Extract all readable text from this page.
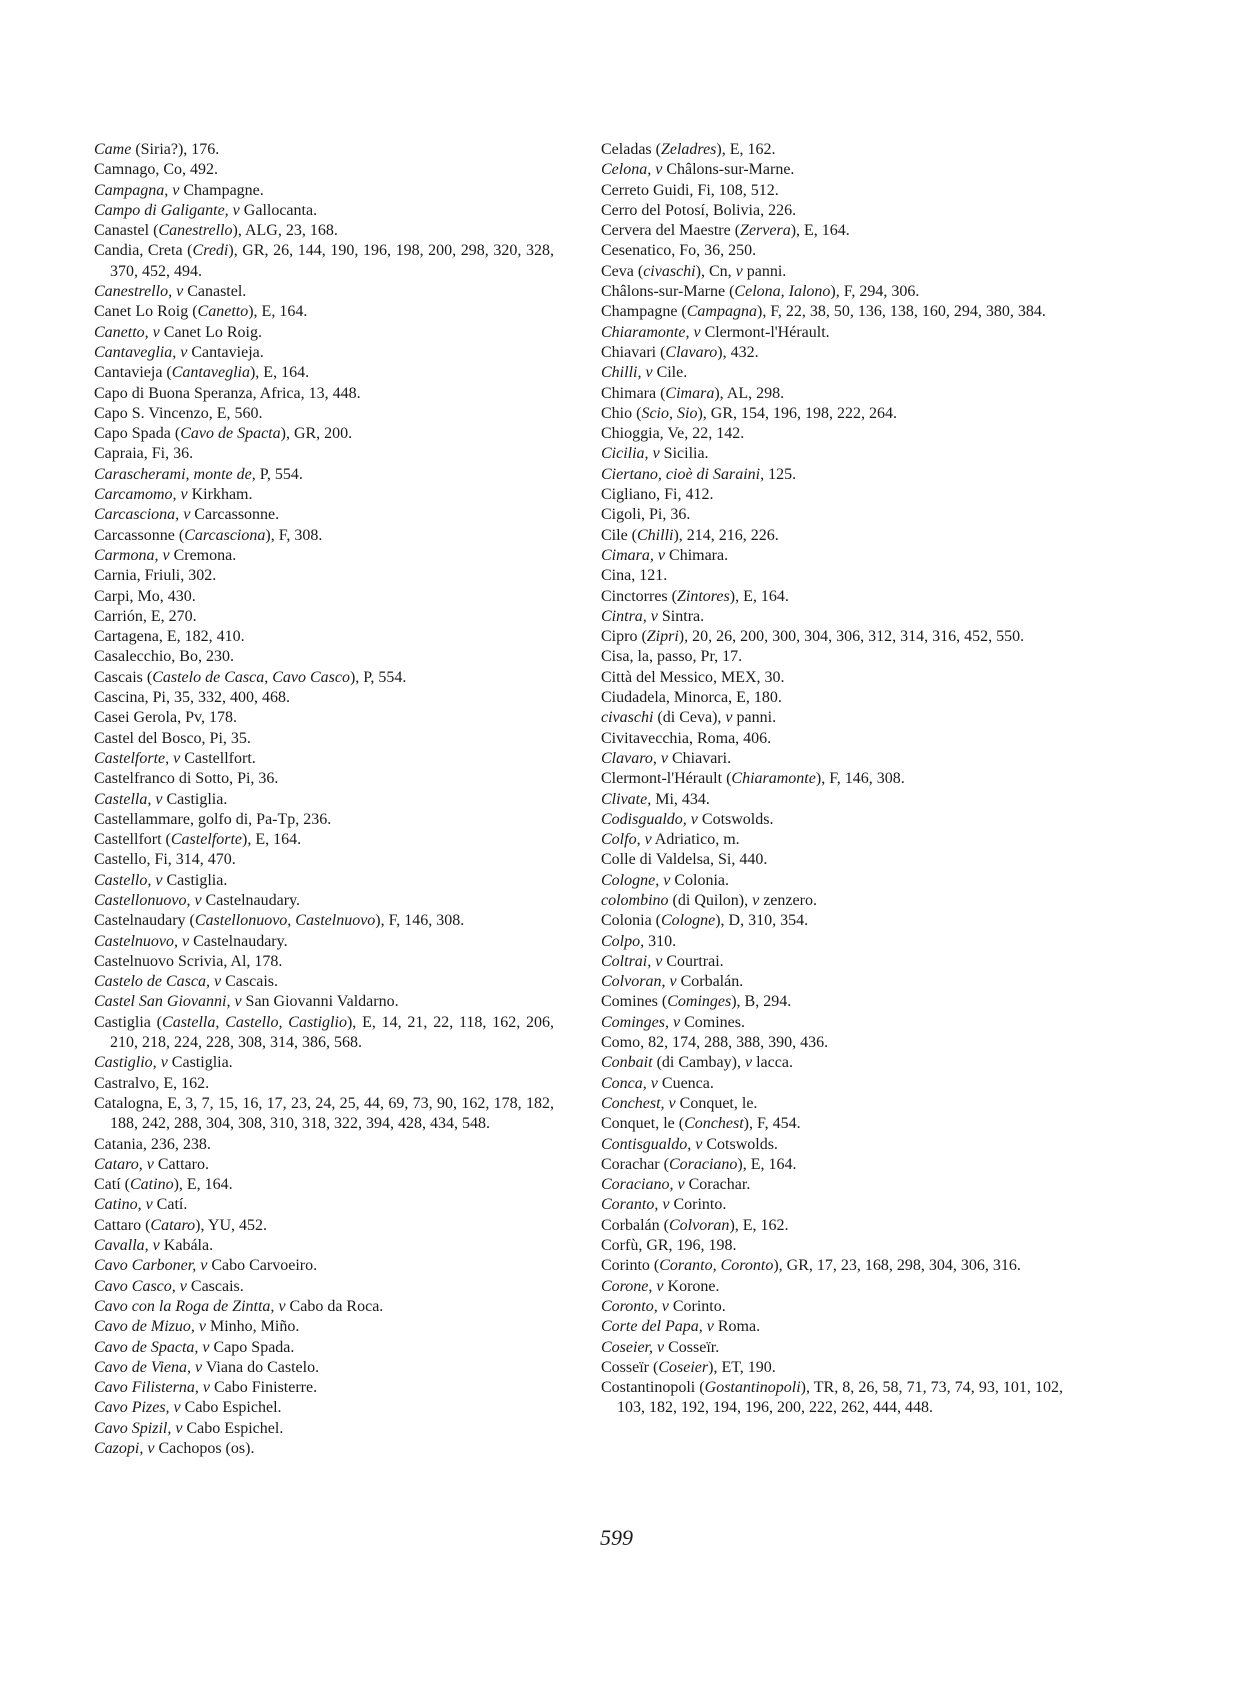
Came (Siria?), 176.

Camnago, Co, 492.

Campagna, v Champagne.

Campo di Galigante, v Gallocanta.

Canastel (Canestrello), ALG, 23, 168.

Candia, Creta (Credi), GR, 26, 144, 190, 196, 198, 200, 298, 320, 328, 370, 452, 494.

Canestrello, v Canastel.

Canet Lo Roig (Canetto), E, 164.

Canetto, v Canet Lo Roig.

Cantaveglia, v Cantavieja.

Cantavieja (Cantaveglia), E, 164.

Capo di Buona Speranza, Africa, 13, 448.

Capo S. Vincenzo, E, 560.

Capo Spada (Cavo de Spacta), GR, 200.

Capraia, Fi, 36.

Carascherami, monte de, P, 554.

Carcamomo, v Kirkham.

Carcasciona, v Carcassonne.

Carcassonne (Carcasciona), F, 308.

Carmona, v Cremona.

Carnia, Friuli, 302.

Carpi, Mo, 430.

Carrión, E, 270.

Cartagena, E, 182, 410.

Casalecchio, Bo, 230.

Cascais (Castelo de Casca, Cavo Casco), P, 554.

Cascina, Pi, 35, 332, 400, 468.

Casei Gerola, Pv, 178.

Castel del Bosco, Pi, 35.

Castelforte, v Castellfort.

Castelfranco di Sotto, Pi, 36.

Castella, v Castiglia.

Castellammare, golfo di, Pa-Tp, 236.

Castellfort (Castelforte), E, 164.

Castello, Fi, 314, 470.

Castello, v Castiglia.

Castellonuovo, v Castelnaudary.

Castelnaudary (Castellonuovo, Castelnuovo), F, 146, 308.

Castelnuovo, v Castelnaudary.

Castelnuovo Scrivia, Al, 178.

Castelo de Casca, v Cascais.

Castel San Giovanni, v San Giovanni Valdarno.

Castiglia (Castella, Castello, Castiglio), E, 14, 21, 22, 118, 162, 206, 210, 218, 224, 228, 308, 314, 386, 568.

Castiglio, v Castiglia.

Castralvo, E, 162.

Catalogna, E, 3, 7, 15, 16, 17, 23, 24, 25, 44, 69, 73, 90, 162, 178, 182, 188, 242, 288, 304, 308, 310, 318, 322, 394, 428, 434, 548.

Catania, 236, 238.

Cataro, v Cattaro.

Catí (Catino), E, 164.

Catino, v Catí.

Cattaro (Cataro), YU, 452.

Cavalla, v Kabála.

Cavo Carboner, v Cabo Carvoeiro.

Cavo Casco, v Cascais.

Cavo con la Roga de Zintta, v Cabo da Roca.

Cavo de Mizuo, v Minho, Miño.

Cavo de Spacta, v Capo Spada.

Cavo de Viena, v Viana do Castelo.

Cavo Filisterna, v Cabo Finisterre.

Cavo Pizes, v Cabo Espichel.

Cavo Spizil, v Cabo Espichel.

Cazopi, v Cachopos (os).

Celadas (Zeladres), E, 162.

Celona, v Châlons-sur-Marne.

Cerreto Guidi, Fi, 108, 512.

Cerro del Potosí, Bolivia, 226.

Cervera del Maestre (Zervera), E, 164.

Cesenatico, Fo, 36, 250.

Ceva (civaschi), Cn, v panni.

Châlons-sur-Marne (Celona, Ialono), F, 294, 306.

Champagne (Campagna), F, 22, 38, 50, 136, 138, 160, 294, 380, 384.

Chiaramonte, v Clermont-l'Hérault.

Chiavari (Clavaro), 432.

Chilli, v Cile.

Chimara (Cimara), AL, 298.

Chio (Scio, Sio), GR, 154, 196, 198, 222, 264.

Chioggia, Ve, 22, 142.

Cicilia, v Sicilia.

Ciertano, cioè di Saraini, 125.

Cigliano, Fi, 412.

Cigoli, Pi, 36.

Cile (Chilli), 214, 216, 226.

Cimara, v Chimara.

Cina, 121.

Cinctorres (Zintores), E, 164.

Cintra, v Sintra.

Cipro (Zipri), 20, 26, 200, 300, 304, 306, 312, 314, 316, 452, 550.

Cisa, la, passo, Pr, 17.

Città del Messico, MEX, 30.

Ciudadela, Minorca, E, 180.

civaschi (di Ceva), v panni.

Civitavecchia, Roma, 406.

Clavaro, v Chiavari.

Clermont-l'Hérault (Chiaramonte), F, 146, 308.

Clivate, Mi, 434.

Codisgualdo, v Cotswolds.

Colfo, v Adriatico, m.

Colle di Valdelsa, Si, 440.

Cologne, v Colonia.

colombino (di Quilon), v zenzero.

Colonia (Cologne), D, 310, 354.

Colpo, 310.

Coltrai, v Courtrai.

Colvoran, v Corbalán.

Comines (Cominges), B, 294.

Cominges, v Comines.

Como, 82, 174, 288, 388, 390, 436.

Conbait (di Cambay), v lacca.

Conca, v Cuenca.

Conchest, v Conquet, le.

Conquet, le (Conchest), F, 454.

Contisgualdo, v Cotswolds.

Corachar (Coraciano), E, 164.

Coraciano, v Corachar.

Coranto, v Corinto.

Corbalán (Colvoran), E, 162.

Corfù, GR, 196, 198.

Corinto (Coranto, Coronto), GR, 17, 23, 168, 298, 304, 306, 316.

Corone, v Korone.

Coronto, v Corinto.

Corte del Papa, v Roma.

Coseier, v Cosseïr.

Cosseïr (Coseier), ET, 190.

Costantinopoli (Gostantinopoli), TR, 8, 26, 58, 71, 73, 74, 93, 101, 102, 103, 182, 192, 194, 196, 200, 222, 262, 444, 448.

599
